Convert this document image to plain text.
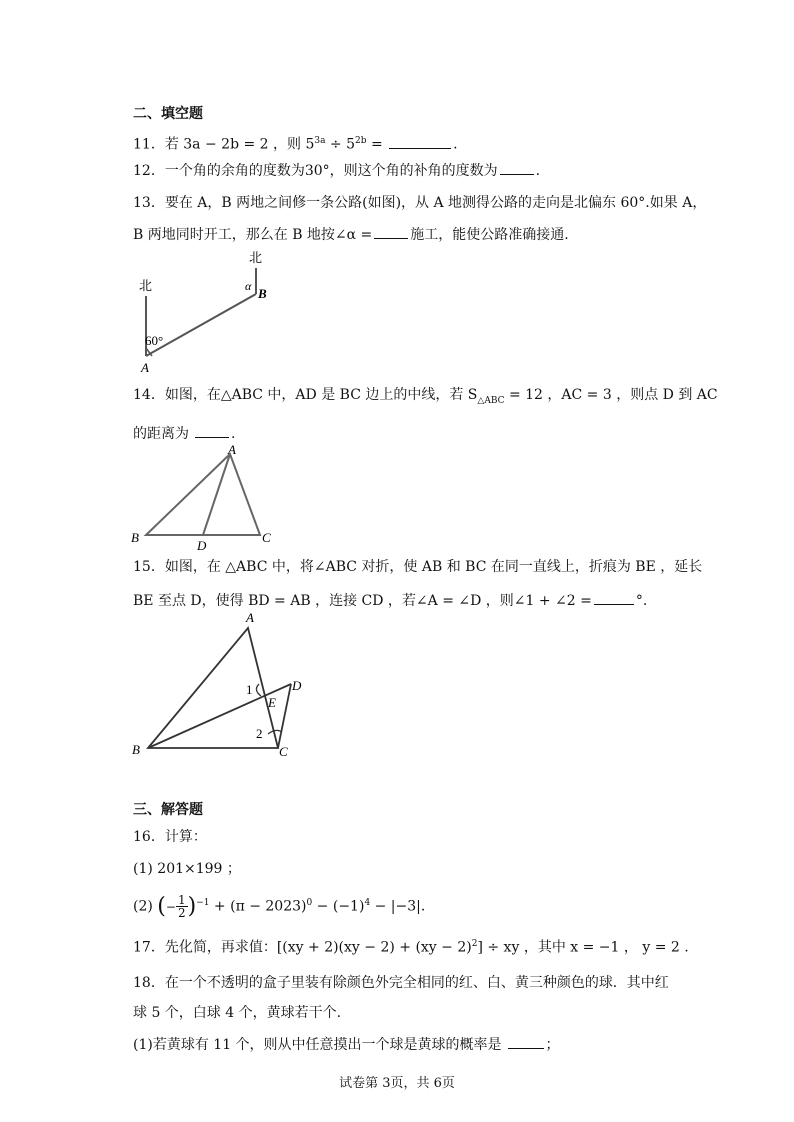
二、填空题
11．若 3a − 2b = 2 ，则 $5^{3a} \div 5^{2b}$ =	.
12．一个角的余角的度数为30°，则这个角的补角的度数为	.
13．要在 A，B 两地之间修一条公路(如图)，从 A 地测得公路的走向是北偏东 60°.如果 A，
B 两地同时开工，那么在 B 地按∠α =	施工，能使公路准确接通.
北
北
α B
60°
A
14．如图，在△ABC 中，AD 是 BC 边上的中线，若 $S_{\triangle ABC} = 12$ ，AC = 3 ，则点 D 到 AC
的距离为	.
A
B	C
D
15．如图，在 △ABC 中，将∠ABC 对折，使 AB 和 BC 在同一直线上，折痕为 BE ，延长
BE 至点 D，使得 BD = AB ，连接 CD ，若∠A = ∠D ，则∠1 + ∠2 =	°.
A
B	C
D
E
1
2
三、解答题
16．计算：
(1) 201×199 ；
(2) (− $\frac{1}{2} )^{-1} + (\pi - 2023)^0 - (-1)^4 - |-3|$.
17．先化简，再求值：[(xy + 2)(xy − 2) + (xy − 2)$^2$] ÷ xy ，其中 x = −1 ， y = 2 .
18．在一个不透明的盒子里装有除颜色外完全相同的红、白、黄三种颜色的球．其中红
球 5 个，白球 4 个，黄球若干个.
(1)若黄球有 11 个，则从中任意摸出一个球是黄球的概率是	；
试卷第 3页，共 6页
